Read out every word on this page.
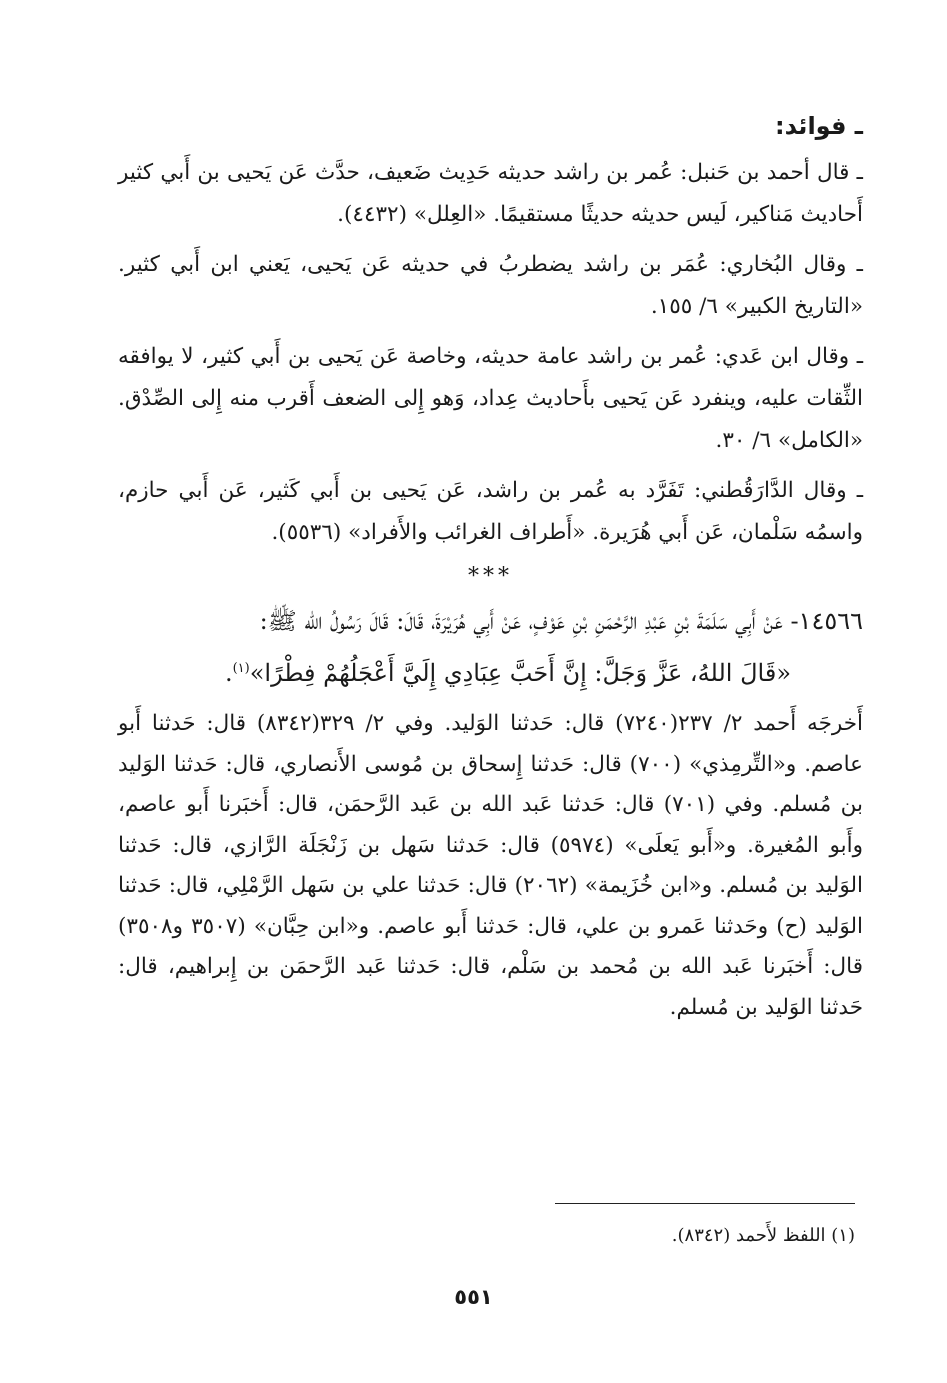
ـ فوائد:

ـ قال أحمد بن حَنبل: عُمر بن راشد حديثه حَدِيث ضَعيف، حدَّث عَن يَحيى بن أَبي كثير أَحاديث مَناكير، لَيس حديثه حديثًا مستقيمًا. «العِلل» (٤٤٣٢).

ـ وقال البُخاري: عُمَر بن راشد يضطربُ في حديثه عَن يَحيى، يَعني ابن أَبي كثير. «التاريخ الكبير» ٦/ ١٥٥.

ـ وقال ابن عَدي: عُمر بن راشد عامة حديثه، وخاصة عَن يَحيى بن أَبي كثير، لا يوافقه الثِّقات عليه، وينفرد عَن يَحيى بأَحاديث عِداد، وَهو إِلى الضعف أَقرب منه إِلى الصِّدْق. «الكامل» ٦/ ٣٠.

ـ وقال الدَّارَقُطني: تَفَرَّد به عُمر بن راشد، عَن يَحيى بن أَبي كَثير، عَن أَبي حازم، واسمُه سَلْمان، عَن أَبي هُرَيرة. «أَطراف الغرائب والأَفراد» (٥٥٣٦).

***

١٤٥٦٦- عَنْ أَبِي سَلَمَةَ بْنِ عَبْدِ الرَّحْمَنِ بْنِ عَوْفٍ، عَنْ أَبِي هُرَيْرَةَ، قَالَ: قَالَ رَسُولُ الله ﷺ:

«قَالَ اللهُ، عَزَّ وَجَلَّ: إِنَّ أَحَبَّ عِبَادِي إِلَيَّ أَعْجَلُهُمْ فِطْرًا»$^{(١)}$.

أَخرجَه أَحمد ٢/ ٢٣٧(٧٢٤٠) قال: حَدثنا الوَليد. وفي ٢/ ٣٢٩(٨٣٤٢) قال: حَدثنا أَبو عاصم. و«التِّرمِذي» (٧٠٠) قال: حَدثنا إِسحاق بن مُوسى الأَنصاري، قال: حَدثنا الوَليد بن مُسلم. وفي (٧٠١) قال: حَدثنا عَبد الله بن عَبد الرَّحمَن، قال: أَخبَرنا أَبو عاصم، وأَبو المُغيرة. و«أَبو يَعلَى» (٥٩٧٤) قال: حَدثنا سَهل بن زَنْجَلَة الرَّازي، قال: حَدثنا الوَليد بن مُسلم. و«ابن خُزَيمة» (٢٠٦٢) قال: حَدثنا علي بن سَهل الرَّمْلِي، قال: حَدثنا الوَليد (ح) وحَدثنا عَمرو بن علي، قال: حَدثنا أَبو عاصم. و«ابن حِبَّان» (٣٥٠٧ و٣٥٠٨) قال: أَخبَرنا عَبد الله بن مُحمد بن سَلْم، قال: حَدثنا عَبد الرَّحمَن بن إِبراهيم، قال: حَدثنا الوَليد بن مُسلم.

(١) اللفظ لأَحمد (٨٣٤٢).
٥٥١
